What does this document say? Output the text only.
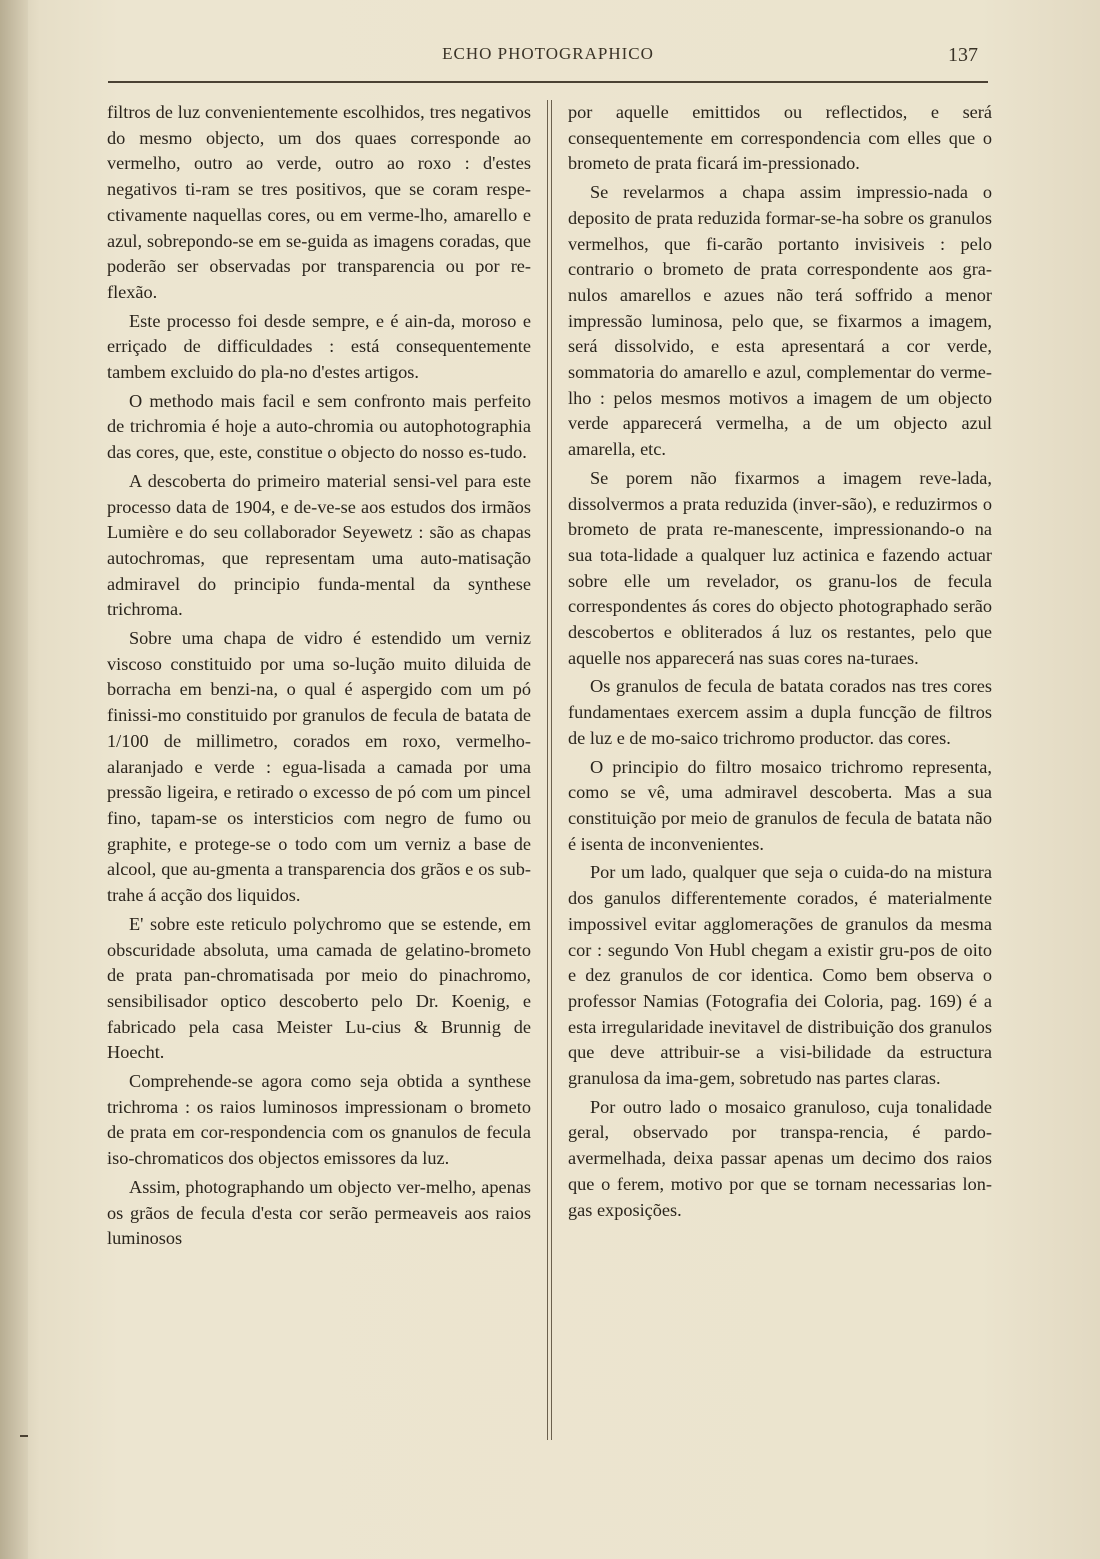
ECHO PHOTOGRAPHICO	137

filtros de luz convenientemente escolhidos, tres negativos do mesmo objecto, um dos quaes corresponde ao vermelho, outro ao verde, outro ao roxo : d'estes negativos ti-ram se tres positivos, que se coram respe-ctivamente naquellas cores, ou em verme-lho, amarello e azul, sobrepondo-se em se-guida as imagens coradas, que poderão ser observadas por transparencia ou por re-flexão.

Este processo foi desde sempre, e é ain-da, moroso e erriçado de difficuldades : está consequentemente tambem excluido do pla-no d'estes artigos.

O methodo mais facil e sem confronto mais perfeito de trichromia é hoje a auto-chromia ou autophotographia das cores, que, este, constitue o objecto do nosso es-tudo.

A descoberta do primeiro material sensi-vel para este processo data de 1904, e de-ve-se aos estudos dos irmãos Lumière e do seu collaborador Seyewetz : são as chapas autochromas, que representam uma auto-matisação admiravel do principio funda-mental da synthese trichroma.

Sobre uma chapa de vidro é estendido um verniz viscoso constituido por uma so-lução muito diluida de borracha em benzi-na, o qual é aspergido com um pó finissi-mo constituido por granulos de fecula de batata de 1/100 de millimetro, corados em roxo, vermelho-alaranjado e verde : egua-lisada a camada por uma pressão ligeira, e retirado o excesso de pó com um pincel fino, tapam-se os intersticios com negro de fumo ou graphite, e protege-se o todo com um verniz a base de alcool, que au-gmenta a transparencia dos grãos e os sub-trahe á acção dos liquidos.

E' sobre este reticulo polychromo que se estende, em obscuridade absoluta, uma camada de gelatino-brometo de prata pan-chromatisada por meio do pinachromo, sensibilisador optico descoberto pelo Dr. Koenig, e fabricado pela casa Meister Lu-cius & Brunnig de Hoecht.

Comprehende-se agora como seja obtida a synthese trichroma : os raios luminosos impressionam o brometo de prata em cor-respondencia com os gnanulos de fecula iso-chromaticos dos objectos emissores da luz.

Assim, photographando um objecto ver-melho, apenas os grãos de fecula d'esta cor serão permeaveis aos raios luminosos

por aquelle emittidos ou reflectidos, e será consequentemente em correspondencia com elles que o brometo de prata ficará im-pressionado.

Se revelarmos a chapa assim impressio-nada o deposito de prata reduzida formar-se-ha sobre os granulos vermelhos, que fi-carão portanto invisiveis : pelo contrario o brometo de prata correspondente aos gra-nulos amarellos e azues não terá soffrido a menor impressão luminosa, pelo que, se fixarmos a imagem, será dissolvido, e esta apresentará a cor verde, sommatoria do amarello e azul, complementar do verme-lho : pelos mesmos motivos a imagem de um objecto verde apparecerá vermelha, a de um objecto azul amarella, etc.

Se porem não fixarmos a imagem reve-lada, dissolvermos a prata reduzida (inver-são), e reduzirmos o brometo de prata re-manescente, impressionando-o na sua tota-lidade a qualquer luz actinica e fazendo actuar sobre elle um revelador, os granu-los de fecula correspondentes ás cores do objecto photographado serão descobertos e obliterados á luz os restantes, pelo que aquelle nos apparecerá nas suas cores na-turaes.

Os granulos de fecula de batata corados nas tres cores fundamentaes exercem assim a dupla funcção de filtros de luz e de mo-saico trichromo productor. das cores.

O principio do filtro mosaico trichromo representa, como se vê, uma admiravel descoberta. Mas a sua constituição por meio de granulos de fecula de batata não é isenta de inconvenientes.

Por um lado, qualquer que seja o cuida-do na mistura dos ganulos differentemente corados, é materialmente impossivel evitar agglomerações de granulos da mesma cor : segundo Von Hubl chegam a existir gru-pos de oito e dez granulos de cor identica. Como bem observa o professor Namias (Fotografia dei Coloria, pag. 169) é a esta irregularidade inevitavel de distribuição dos granulos que deve attribuir-se a visi-bilidade da estructura granulosa da ima-gem, sobretudo nas partes claras.

Por outro lado o mosaico granuloso, cuja tonalidade geral, observado por transpa-rencia, é pardo-avermelhada, deixa passar apenas um decimo dos raios que o ferem, motivo por que se tornam necessarias lon-gas exposições.
